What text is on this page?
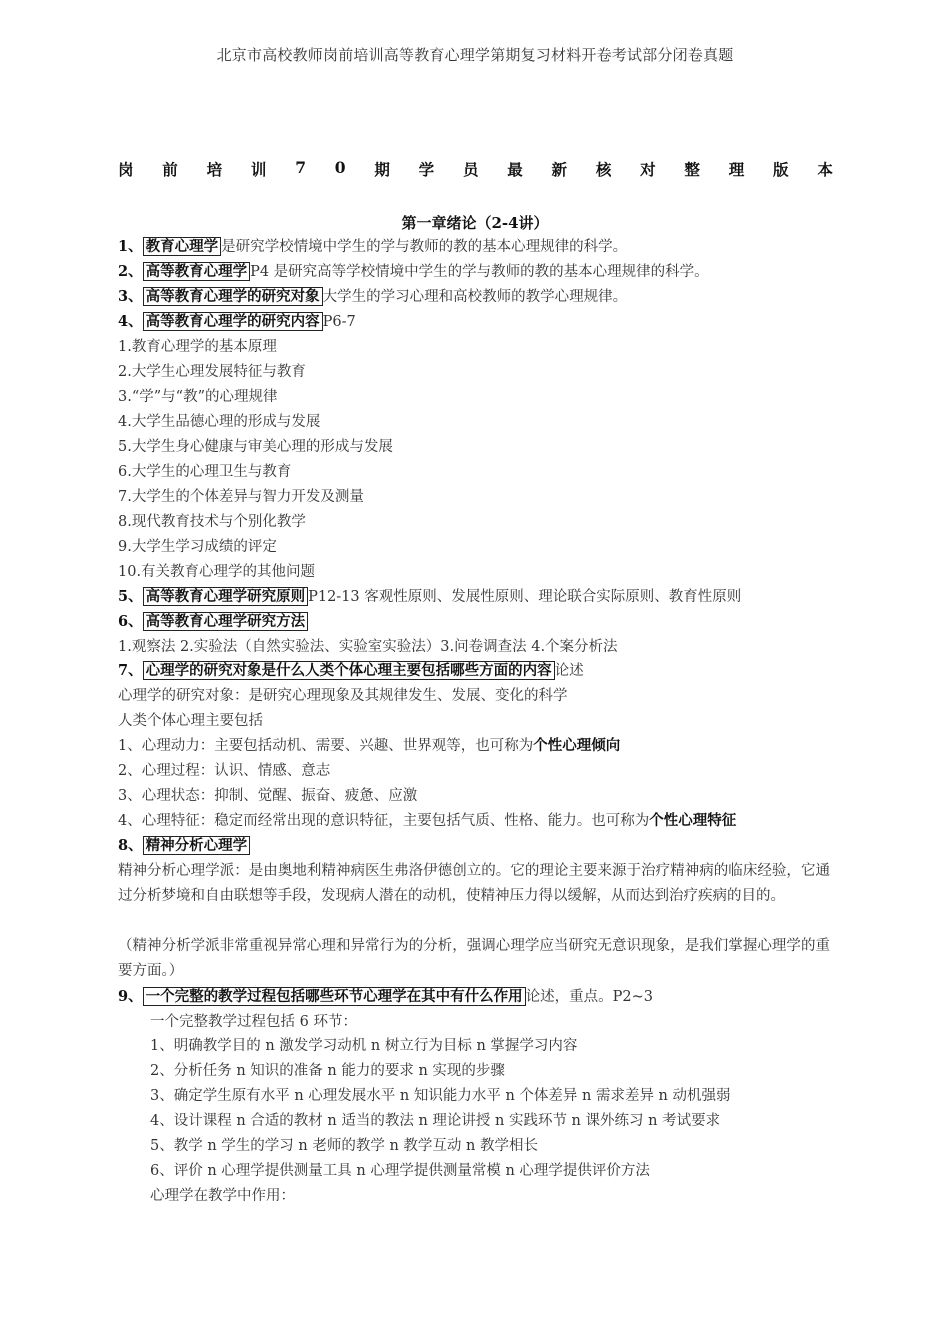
北京市高校教师岗前培训高等教育心理学第期复习材料开卷考试部分闭卷真题
岗 前 培 训 7 0 期 学 员 最 新 核 对 整 理 版 本
第一章绪论（2-4讲）
1、 教育心理学 是研究学校情境中学生的学与教师的教的基本心理规律的科学。
2、 高等教育心理学 P4 是研究高等学校情境中学生的学与教师的教的基本心理规律的科学。
3、 高等教育心理学的研究对象 大学生的学习心理和高校教师的教学心理规律。
4、 高等教育心理学的研究内容 P6-7
1.教育心理学的基本原理
2.大学生心理发展特征与教育
3.“学”与“教”的心理规律
4.大学生品德心理的形成与发展
5.大学生身心健康与审美心理的形成与发展
6.大学生的心理卫生与教育
7.大学生的个体差异与智力开发及测量
8.现代教育技术与个别化教学
9.大学生学习成绩的评定
10.有关教育心理学的其他问题
5、 高等教育心理学研究原则 P12-13 客观性原则、发展性原则、理论联合实际原则、教育性原则
6、 高等教育心理学研究方法
1.观察法 2.实验法（自然实验法、实验室实验法）3.问卷调查法 4.个案分析法
7、 心理学的研究对象是什么人类个体心理主要包括哪些方面的内容 论述
心理学的研究对象：是研究心理现象及其规律发生、发展、变化的科学
人类个体心理主要包括
1、心理动力：主要包括动机、需要、兴趣、世界观等，也可称为个性心理倾向
2、心理过程：认识、情感、意志
3、心理状态：抑制、觉醒、振奋、疲惫、应激
4、心理特征：稳定而经常出现的意识特征，主要包括气质、性格、能力。也可称为个性心理特征
8、 精神分析心理学
精神分析心理学派：是由奥地利精神病医生弗洛伊德创立的。它的理论主要来源于治疗精神病的临床经验，它通过分析梦境和自由联想等手段，发现病人潜在的动机，使精神压力得以缓解，从而达到治疗疾病的目的。
（精神分析学派非常重视异常心理和异常行为的分析，强调心理学应当研究无意识现象，是我们掌握心理学的重要方面。）
9、 一个完整的教学过程包括哪些环节心理学在其中有什么作用 论述，重点。P2~3
一个完整教学过程包括 6 环节：
1、明确教学目的 n 激发学习动机 n 树立行为目标 n 掌握学习内容
2、分析任务 n 知识的准备 n 能力的要求 n 实现的步骤
3、确定学生原有水平 n 心理发展水平 n 知识能力水平 n 个体差异 n 需求差异 n 动机强弱
4、设计课程 n 合适的教材 n 适当的教法 n 理论讲授 n 实践环节 n 课外练习 n 考试要求
5、教学 n 学生的学习 n 老师的教学 n 教学互动 n 教学相长
6、评价 n 心理学提供测量工具 n 心理学提供测量常模 n 心理学提供评价方法
心理学在教学中作用：
